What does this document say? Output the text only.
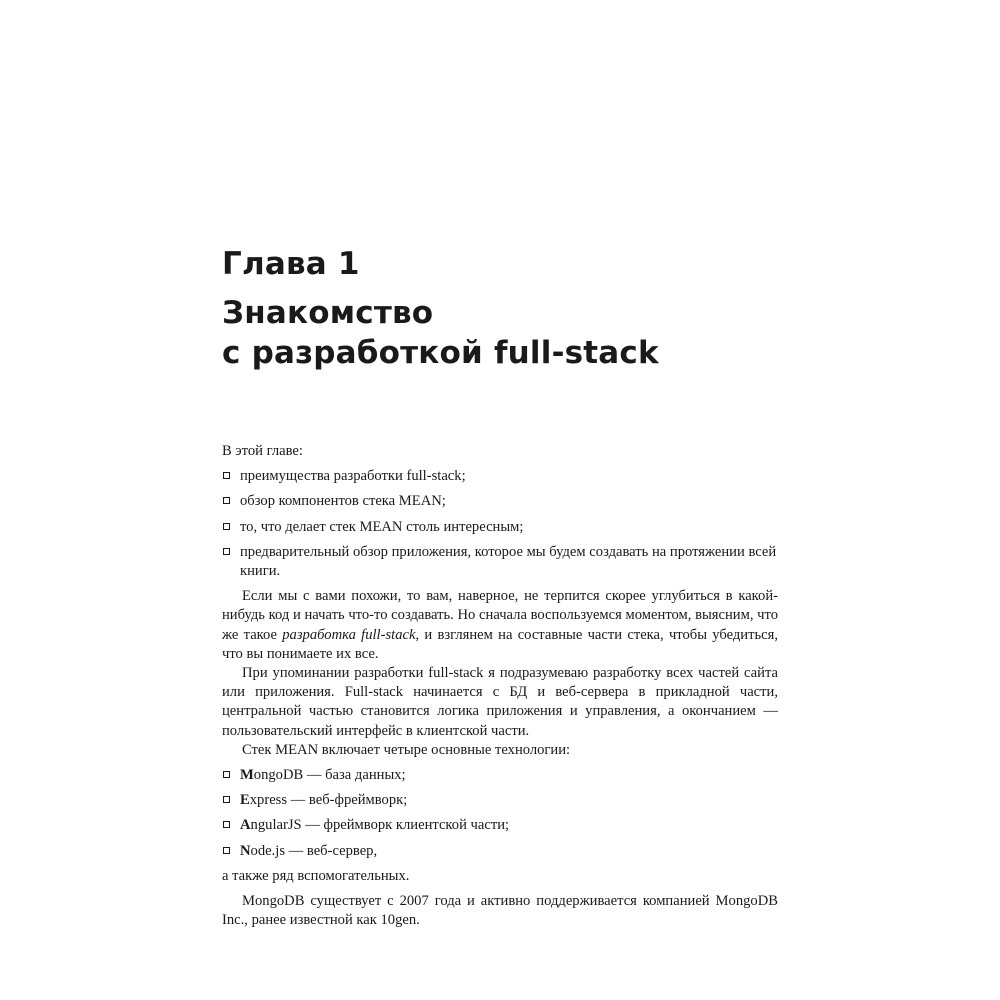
Глава 1
Знакомство
с разработкой full-stack

В этой главе:

преимущества разработки full-stack;
обзор компонентов стека MEAN;
то, что делает стек MEAN столь интересным;
предварительный обзор приложения, которое мы будем создавать на протяжении всей книги.

Если мы с вами похожи, то вам, наверное, не терпится скорее углубиться в какой-нибудь код и начать что-то создавать. Но сначала воспользуемся моментом, выясним, что же такое разработка full-stack, и взглянем на составные части стека, чтобы убедиться, что вы понимаете их все.

При упоминании разработки full-stack я подразумеваю разработку всех частей сайта или приложения. Full-stack начинается с БД и веб-сервера в прикладной части, центральной частью становится логика приложения и управления, а окончанием — пользовательский интерфейс в клиентской части.

Стек MEAN включает четыре основные технологии:

MongoDB — база данных;
Express — веб-фреймворк;
AngularJS — фреймворк клиентской части;
Node.js — веб-сервер,

а также ряд вспомогательных.

MongoDB существует с 2007 года и активно поддерживается компанией MongoDB Inc., ранее известной как 10gen.
